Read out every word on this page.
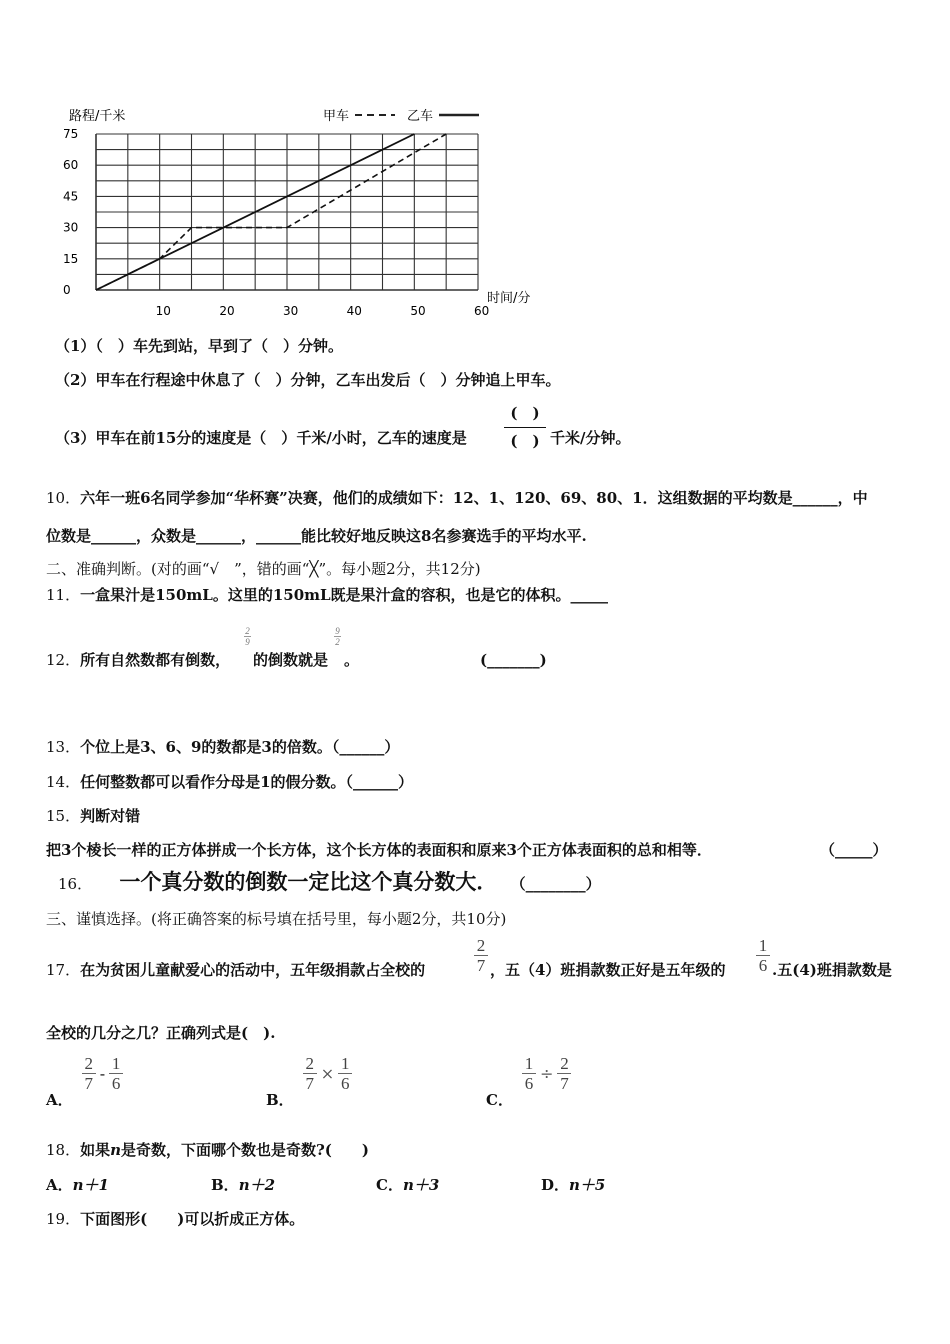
75
60
45
30
15
0
10	20	30	40	50	60
路程/千米
时间/分
甲车	乙车
（1）（　）车先到站，早到了（　）分钟。
（2）甲车在行程途中休息了（　）分钟，乙车出发后（　）分钟追上甲车。
（3）甲车在前15分的速度是（　）千米/小时，乙车的速度是
(　)
(　) 千米/分钟。
10．六年一班6名同学参加“华杯赛”决赛，他们的成绩如下：12、1、120、69、80、1．这组数据的平均数是______，中
位数是______，众数是______，______能比较好地反映这8名参赛选手的平均水平.
二、准确判断。(对的画“√　”，错的画“╳”。每小题2分，共12分)
11．一盒果汁是150mL。这里的150mL既是果汁盒的容积，也是它的体积。_____
12．所有自然数都有倒数，
$\frac{2}{9}$
的倒数就是
$\frac{9}{2}$
。	(_______)
13．个位上是3、6、9的数都是3的倍数。（______）
14．任何整数都可以看作分母是1的假分数。（______）
15．判断对错
把3个棱长一样的正方体拼成一个长方体，这个长方体的表面积和原来3个正方体表面积的总和相等．	（_____）
16． 一个真分数的倒数一定比这个真分数大． （________）
三、谨慎选择。(将正确答案的标号填在括号里，每小题2分，共10分)
17．在为贫困儿童献爱心的活动中，五年级捐款占全校的	$\frac{2}{7}$ ，五（4）班捐款数正好是五年级的 $\frac{1}{6}$ .五(4)班捐款数是
全校的几分之几？正确列式是(　).
A．
$\frac{2}{7} - \frac{1}{6}$
B．
$\frac{2}{7} \times \frac{1}{6}$
C．
$\frac{1}{6} \div \frac{2}{7}$
18．如果n是奇数，下面哪个数也是奇数?(　　)
A．n＋1	B．n＋2	C．n＋3	D．n＋5
19．下面图形(　　)可以折成正方体。
